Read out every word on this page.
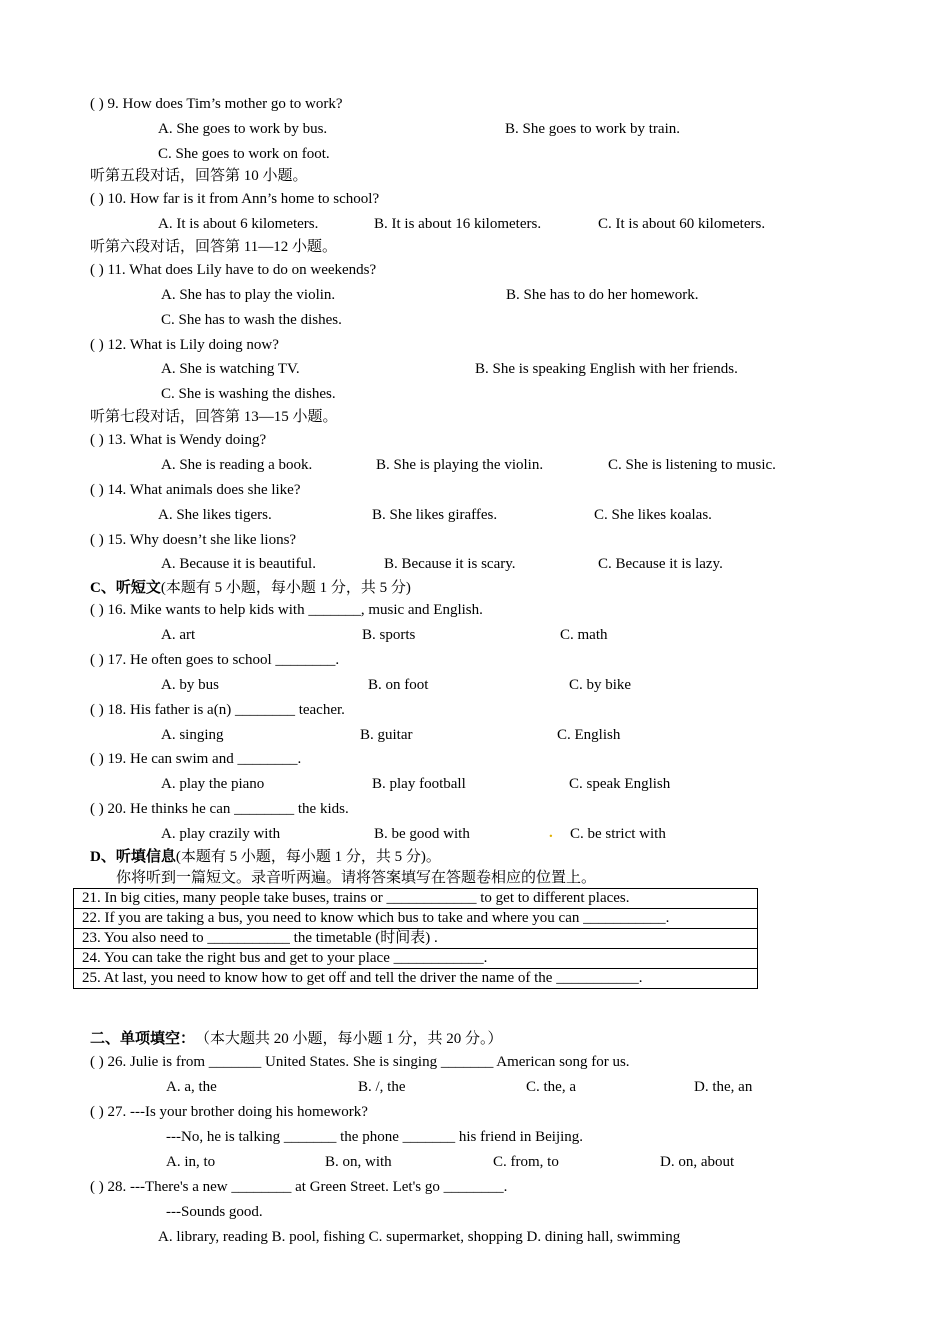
( ) 9. How does Tim’s mother go to work?
A. She goes to work by bus.	B. She goes to work by train.
C. She goes to work on foot.
听第五段对话，回答第 10 小题。
( ) 10. How far is it from Ann’s home to school?
A. It is about 6 kilometers.	B. It is about 16 kilometers.	C. It is about 60 kilometers.
听第六段对话，回答第 11—12 小题。
( ) 11. What does Lily have to do on weekends?
A. She has to play the violin.	B. She has to do her homework.
C. She has to wash the dishes.
( ) 12. What is Lily doing now?
A. She is watching TV.	B. She is speaking English with her friends.
C. She is washing the dishes.
听第七段对话，回答第 13—15 小题。
( ) 13. What is Wendy doing?
A. She is reading a book.	B. She is playing the violin.	C. She is listening to music.
( ) 14. What animals does she like?
A. She likes tigers.	B. She likes giraffes.	C. She likes koalas.
( ) 15. Why doesn’t she like lions?
A. Because it is beautiful.	B. Because it is scary.	C. Because it is lazy.
C、听短文(本题有 5 小题，每小题 1 分，共 5 分)
( ) 16. Mike wants to help kids with _______, music and English.
A. art	B. sports	C. math
( ) 17. He often goes to school ________.
A. by bus	B. on foot	C. by bike
( ) 18. His father is a(n) ________ teacher.
A. singing	B. guitar	C. English
( ) 19. He can swim and ________.
A. play the piano	B. play football	C. speak English
( ) 20. He thinks he can ________ the kids.
A. play crazily with	B. be good with	C. be strict with
.
D、听填信息(本题有 5 小题，每小题 1 分，共 5 分)。
你将听到一篇短文。录音听两遍。请将答案填写在答题卷相应的位置上。
21. In big cities, many people take buses, trains or ____________ to get to different places.
22. If you are taking a bus, you need to know which bus to take and where you can ___________.
23. You also need to ___________ the timetable (时间表) .
24. You can take the right bus and get to your place ____________.
25. At last, you need to know how to get off and tell the driver the name of the ___________.
二、单项填空：（本大题共 20 小题，每小题 1 分，共 20 分。）
( ) 26. Julie is from _______ United States. She is singing _______ American song for us.
A. a, the	B. /, the	C. the, a	D. the, an
( ) 27. ---Is your brother doing his homework?
---No, he is talking _______ the phone _______ his friend in Beijing.
A. in, to	B. on, with	C. from, to	D. on, about
( ) 28. ---There's a new ________ at Green Street. Let's go ________.
---Sounds good.
A. library, reading B. pool, fishing C. supermarket, shopping D. dining hall, swimming
